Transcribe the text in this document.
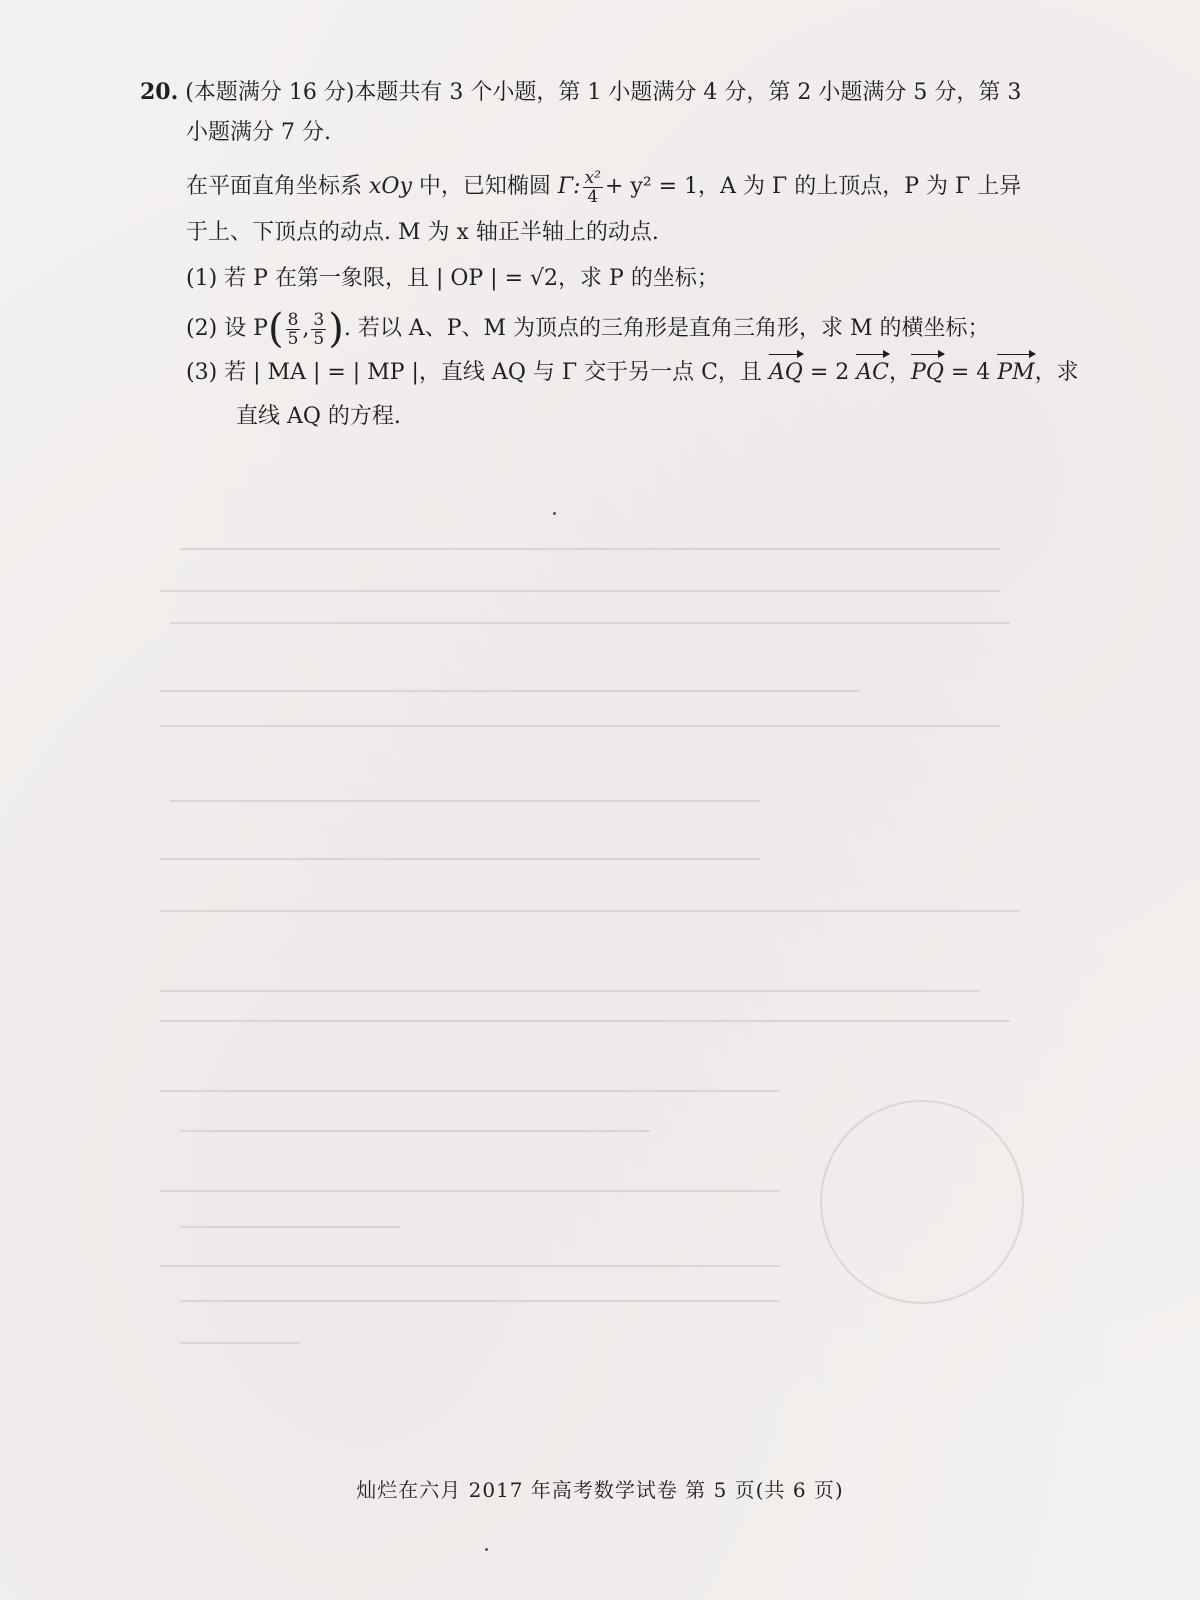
20. (本题满分 16 分)本题共有 3 个小题，第 1 小题满分 4 分，第 2 小题满分 5 分，第 3
小题满分 7 分.
在平面直角坐标系 xOy 中，已知椭圆 Γ: $\frac{\text{x²}}{4} + y^2 = 1$，A 为 Γ 的上顶点，P 为 Γ 上异
于上、下顶点的动点. M 为 x 轴正半轴上的动点.
(1) 若 P 在第一象限，且 | OP | = √2，求 P 的坐标；
(2) 设 $P( \frac{8}{5}$ , $\frac{3}{5}$ ). 若以 A、P、M 为顶点的三角形是直角三角形，求 M 的横坐标；
(3) 若 | MA | = | MP |，直线 AQ 与 Γ 交于另一点 C，且 AQ = 2 AC，PQ = 4 PM，求
直线 AQ 的方程.
灿烂在六月 2017 年高考数学试卷 第 5 页(共 6 页)
